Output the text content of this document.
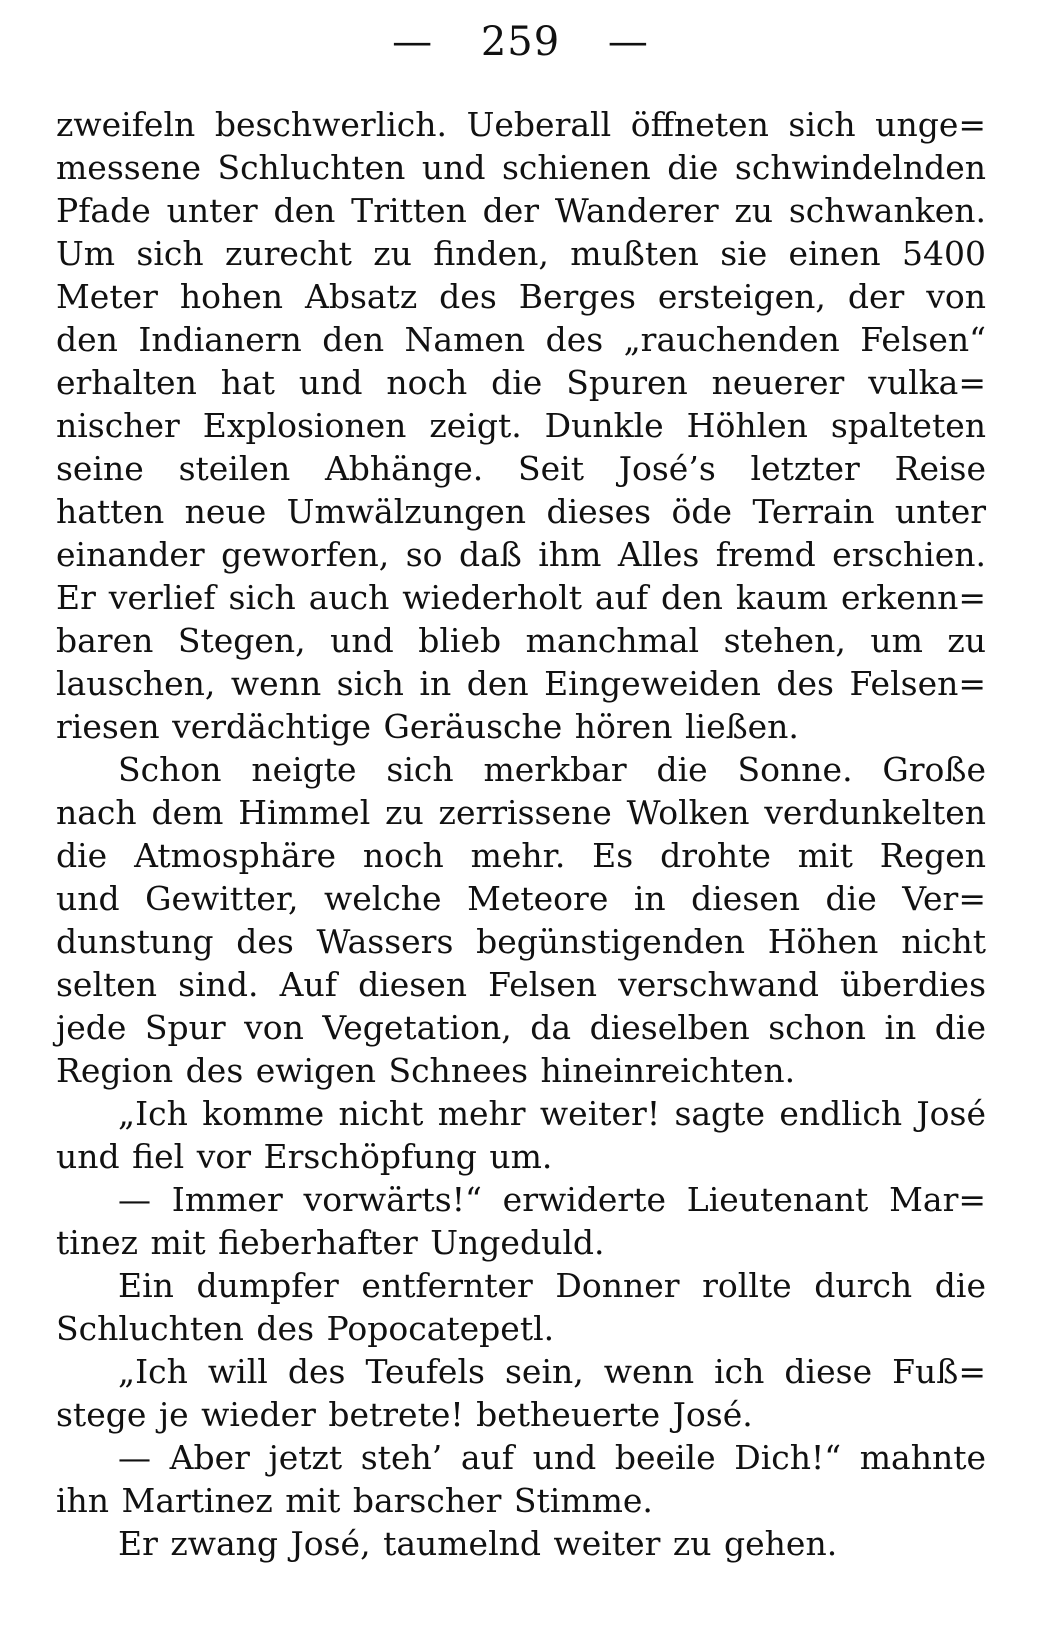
— 259 —
zweifeln beschwerlich. Ueberall öffneten sich unge=
messene Schluchten und schienen die schwindelnden
Pfade unter den Tritten der Wanderer zu schwanken.
Um sich zurecht zu finden, mußten sie einen 5400
Meter hohen Absatz des Berges ersteigen, der von
den Indianern den Namen des „rauchenden Felsen“
erhalten hat und noch die Spuren neuerer vulka=
nischer Explosionen zeigt. Dunkle Höhlen spalteten
seine steilen Abhänge. Seit José’s letzter Reise
hatten neue Umwälzungen dieses öde Terrain unter
einander geworfen, so daß ihm Alles fremd erschien.
Er verlief sich auch wiederholt auf den kaum erkenn=
baren Stegen, und blieb manchmal stehen, um zu
lauschen, wenn sich in den Eingeweiden des Felsen=
riesen verdächtige Geräusche hören ließen.
Schon neigte sich merkbar die Sonne. Große
nach dem Himmel zu zerrissene Wolken verdunkelten
die Atmosphäre noch mehr. Es drohte mit Regen
und Gewitter, welche Meteore in diesen die Ver=
dunstung des Wassers begünstigenden Höhen nicht
selten sind. Auf diesen Felsen verschwand überdies
jede Spur von Vegetation, da dieselben schon in die
Region des ewigen Schnees hineinreichten.
„Ich komme nicht mehr weiter! sagte endlich José
und fiel vor Erschöpfung um.
— Immer vorwärts!“ erwiderte Lieutenant Mar=
tinez mit fieberhafter Ungeduld.
Ein dumpfer entfernter Donner rollte durch die
Schluchten des Popocatepetl.
„Ich will des Teufels sein, wenn ich diese Fuß=
stege je wieder betrete! betheuerte José.
— Aber jetzt steh’ auf und beeile Dich!“ mahnte
ihn Martinez mit barscher Stimme.
Er zwang José, taumelnd weiter zu gehen.
